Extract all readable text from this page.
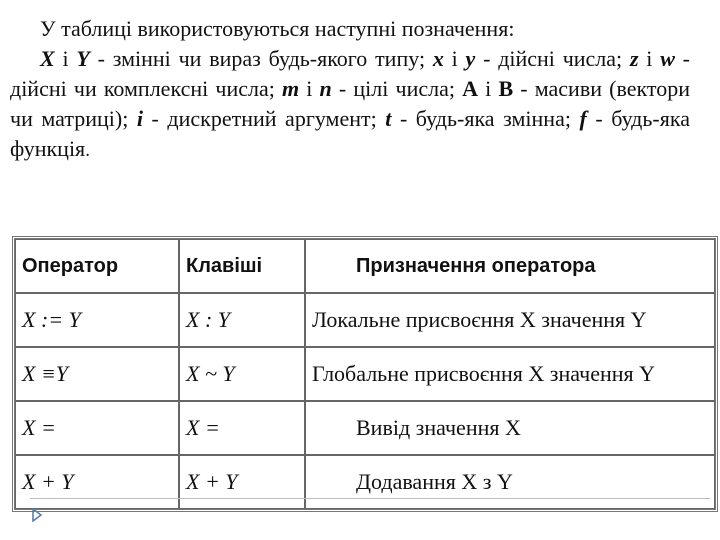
У таблиці використовуються наступні позначення:
X і Y - змінні чи вираз будь-якого типу; x і y - дійсні числа; z і w - дійсні чи комплексні числа; m і n - цілі числа; A і B - масиви (вектори чи матриці); i - дискретний аргумент; t - будь-яка змінна; f - будь-яка функція.

Оператор	Клавіші	Призначення оператора
X := Y	X : Y	Локальне присвоєння X значення Y
X ≡Y	X ~ Y	Глобальне присвоєння X значення Y
X =	X =	Вивід значення X
X + Y	X + Y	Додавання X з Y
